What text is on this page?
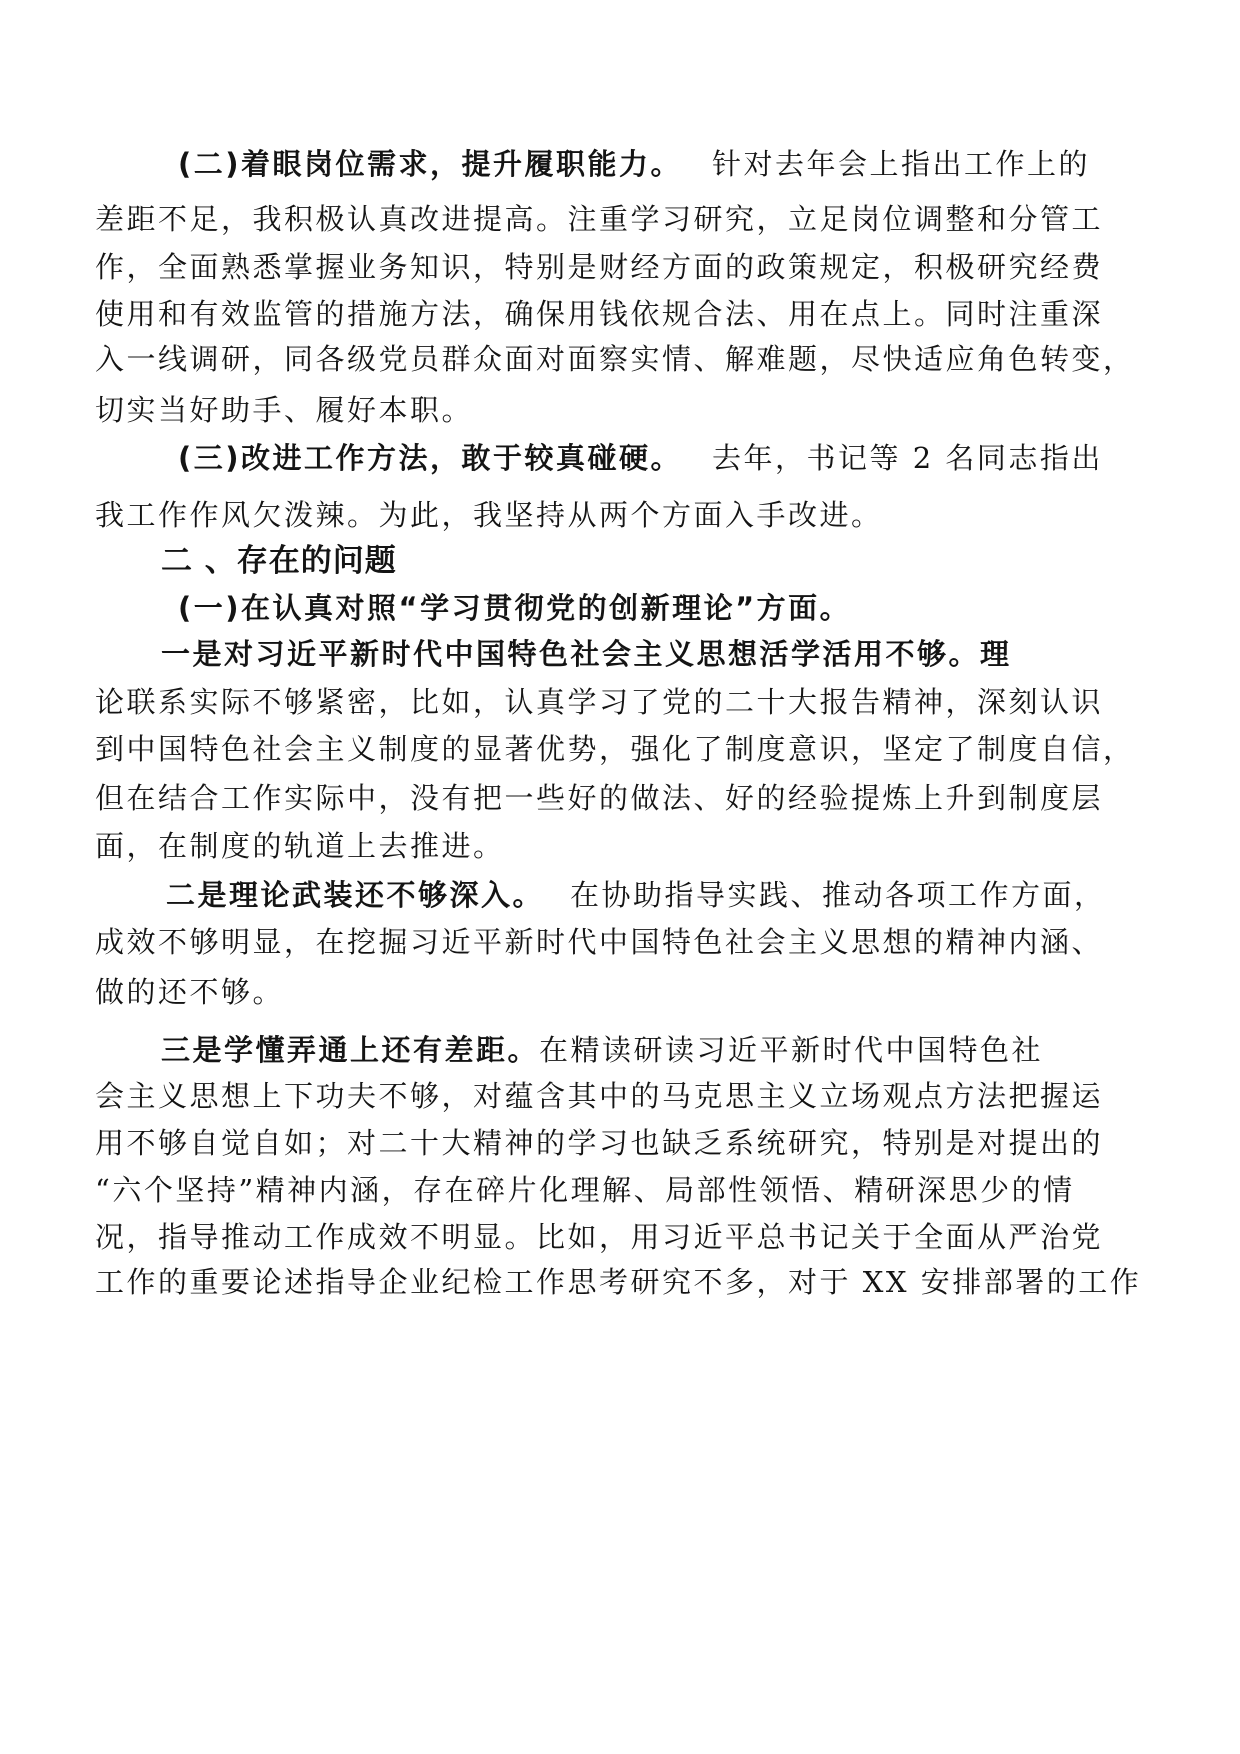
(二)着眼岗位需求，提升履职能力。 针对去年会上指出工作上的
差距不足，我积极认真改进提高。注重学习研究，立足岗位调整和分管工
作，全面熟悉掌握业务知识，特别是财经方面的政策规定，积极研究经费
使用和有效监管的措施方法，确保用钱依规合法、用在点上。同时注重深
入一线调研，同各级党员群众面对面察实情、解难题，尽快适应角色转变，
切实当好助手、履好本职。
(三)改进工作方法，敢于较真碰硬。 去年，书记等 2 名同志指出
我工作作风欠泼辣。为此，我坚持从两个方面入手改进。
二 、存在的问题
(一)在认真对照“学习贯彻党的创新理论”方面。
一是对习近平新时代中国特色社会主义思想活学活用不够。理
论联系实际不够紧密，比如，认真学习了党的二十大报告精神，深刻认识
到中国特色社会主义制度的显著优势，强化了制度意识，坚定了制度自信，
但在结合工作实际中，没有把一些好的做法、好的经验提炼上升到制度层
面，在制度的轨道上去推进。
二是理论武装还不够深入。 在协助指导实践、推动各项工作方面，
成效不够明显，在挖掘习近平新时代中国特色社会主义思想的精神内涵、
做的还不够。
三是学懂弄通上还有差距。在精读研读习近平新时代中国特色社
会主义思想上下功夫不够，对蕴含其中的马克思主义立场观点方法把握运
用不够自觉自如；对二十大精神的学习也缺乏系统研究，特别是对提出的
“六个坚持”精神内涵，存在碎片化理解、局部性领悟、精研深思少的情
况，指导推动工作成效不明显。比如，用习近平总书记关于全面从严治党
工作的重要论述指导企业纪检工作思考研究不多，对于 XX 安排部署的工作
